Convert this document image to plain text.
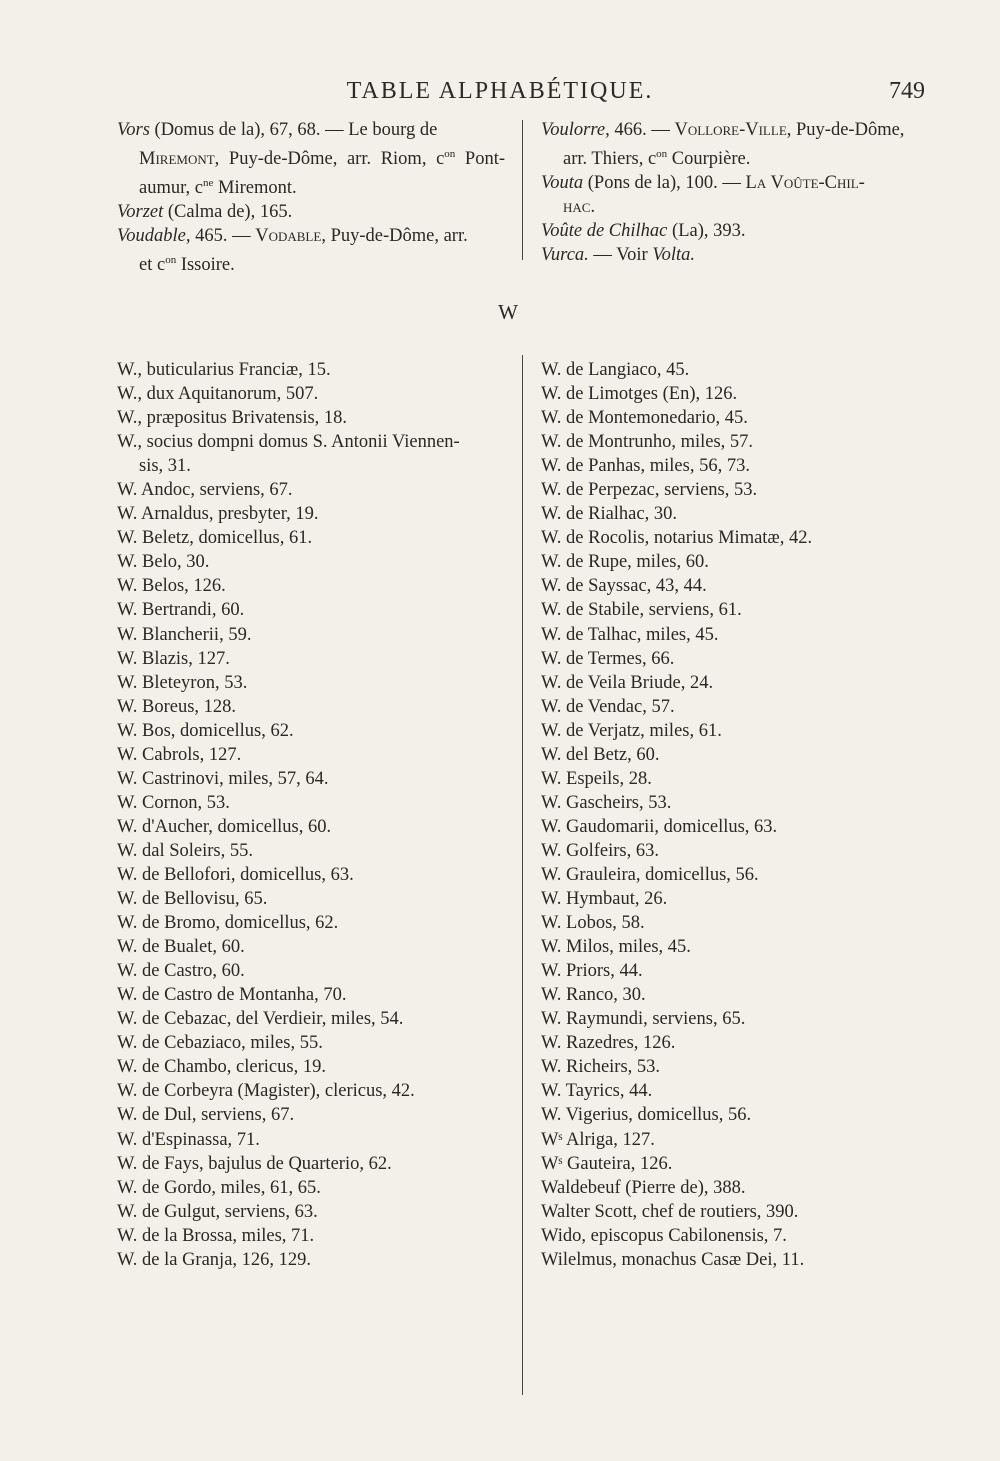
TABLE ALPHABÉTIQUE.	749

Vors (Domus de la), 67, 68. — Le bourg de
Miremont, Puy-de-Dôme, arr. Riom, $c^{on}$ Pont-aumur, $c^{ne}$ Miremont.

Vorzet (Calma de), 165.

Voudable, 465. — Vodable, Puy-de-Dôme, arr.
et $c^{on}$ Issoire.

Voulorre, 466. — Vollore-Ville, Puy-de-Dôme,
arr. Thiers, $c^{on}$ Courpière.

Vouta (Pons de la), 100. — La Voûte-Chil-
hac.

Voûte de Chilhac (La), 393.

Vurca. — Voir Volta.

W
W., buticularius Franciæ, 15.
W., dux Aquitanorum, 507.
W., præpositus Brivatensis, 18.
W., socius dompni domus S. Antonii Viennen-
sis, 31.
W. Andoc, serviens, 67.
W. Arnaldus, presbyter, 19.
W. Beletz, domicellus, 61.
W. Belo, 30.
W. Belos, 126.
W. Bertrandi, 60.
W. Blancherii, 59.
W. Blazis, 127.
W. Bleteyron, 53.
W. Boreus, 128.
W. Bos, domicellus, 62.
W. Cabrols, 127.
W. Castrinovi, miles, 57, 64.
W. Cornon, 53.
W. d'Aucher, domicellus, 60.
W. dal Soleirs, 55.
W. de Bellofori, domicellus, 63.
W. de Bellovisu, 65.
W. de Bromo, domicellus, 62.
W. de Bualet, 60.
W. de Castro, 60.
W. de Castro de Montanha, 70.
W. de Cebazac, del Verdieir, miles, 54.
W. de Cebaziaco, miles, 55.
W. de Chambo, clericus, 19.
W. de Corbeyra (Magister), clericus, 42.
W. de Dul, serviens, 67.
W. d'Espinassa, 71.
W. de Fays, bajulus de Quarterio, 62.
W. de Gordo, miles, 61, 65.
W. de Gulgut, serviens, 63.
W. de la Brossa, miles, 71.
W. de la Granja, 126, 129.
W. de Langiaco, 45.
W. de Limotges (En), 126.
W. de Montemonedario, 45.
W. de Montrunho, miles, 57.
W. de Panhas, miles, 56, 73.
W. de Perpezac, serviens, 53.
W. de Rialhac, 30.
W. de Rocolis, notarius Mimatæ, 42.
W. de Rupe, miles, 60.
W. de Sayssac, 43, 44.
W. de Stabile, serviens, 61.
W. de Talhac, miles, 45.
W. de Termes, 66.
W. de Veila Briude, 24.
W. de Vendac, 57.
W. de Verjatz, miles, 61.
W. del Betz, 60.
W. Espeils, 28.
W. Gascheirs, 53.
W. Gaudomarii, domicellus, 63.
W. Golfeirs, 63.
W. Grauleira, domicellus, 56.
W. Hymbaut, 26.
W. Lobos, 58.
W. Milos, miles, 45.
W. Priors, 44.
W. Ranco, 30.
W. Raymundi, serviens, 65.
W. Razedres, 126.
W. Richeirs, 53.
W. Tayrics, 44.
W. Vigerius, domicellus, 56.
Wˢ Alriga, 127.
Wˢ Gauteira, 126.
Waldebeuf (Pierre de), 388.
Walter Scott, chef de routiers, 390.
Wido, episcopus Cabilonensis, 7.
Wilelmus, monachus Casæ Dei, 11.
